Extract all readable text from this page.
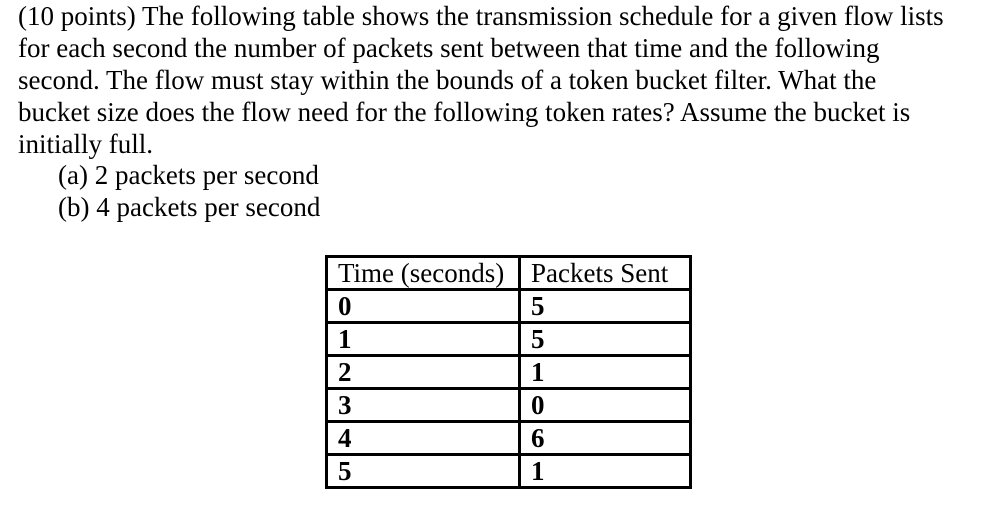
(10 points) The following table shows the transmission schedule for a given flow lists
for each second the number of packets sent between that time and the following
second. The flow must stay within the bounds of a token bucket filter. What the
bucket size does the flow need for the following token rates? Assume the bucket is
initially full.
(a) 2 packets per second
(b) 4 packets per second
Time (seconds)	Packets Sent
0	5
1	5
2	1
3	0
4	6
5	1
